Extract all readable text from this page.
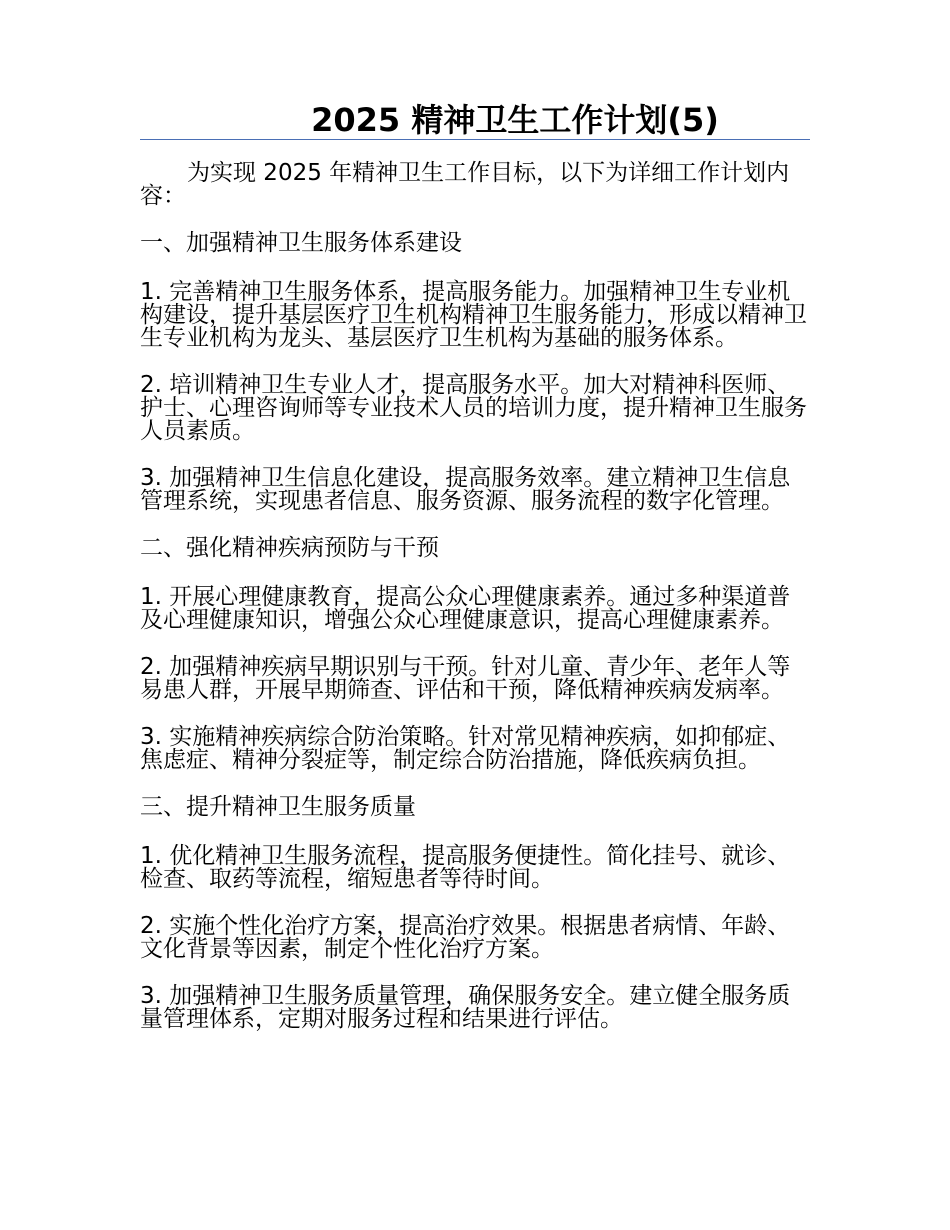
2025 精神卫生工作计划(5)

为实现 2025 年精神卫生工作目标，以下为详细工作计划内容：

一、加强精神卫生服务体系建设

1. 完善精神卫生服务体系，提高服务能力。加强精神卫生专业机构建设，提升基层医疗卫生机构精神卫生服务能力，形成以精神卫生专业机构为龙头、基层医疗卫生机构为基础的服务体系。

2. 培训精神卫生专业人才，提高服务水平。加大对精神科医师、护士、心理咨询师等专业技术人员的培训力度，提升精神卫生服务人员素质。

3. 加强精神卫生信息化建设，提高服务效率。建立精神卫生信息管理系统，实现患者信息、服务资源、服务流程的数字化管理。

二、强化精神疾病预防与干预

1. 开展心理健康教育，提高公众心理健康素养。通过多种渠道普及心理健康知识，增强公众心理健康意识，提高心理健康素养。

2. 加强精神疾病早期识别与干预。针对儿童、青少年、老年人等易患人群，开展早期筛查、评估和干预，降低精神疾病发病率。

3. 实施精神疾病综合防治策略。针对常见精神疾病，如抑郁症、焦虑症、精神分裂症等，制定综合防治措施，降低疾病负担。

三、提升精神卫生服务质量

1. 优化精神卫生服务流程，提高服务便捷性。简化挂号、就诊、检查、取药等流程，缩短患者等待时间。

2. 实施个性化治疗方案，提高治疗效果。根据患者病情、年龄、文化背景等因素，制定个性化治疗方案。

3. 加强精神卫生服务质量管理，确保服务安全。建立健全服务质量管理体系，定期对服务过程和结果进行评估。
